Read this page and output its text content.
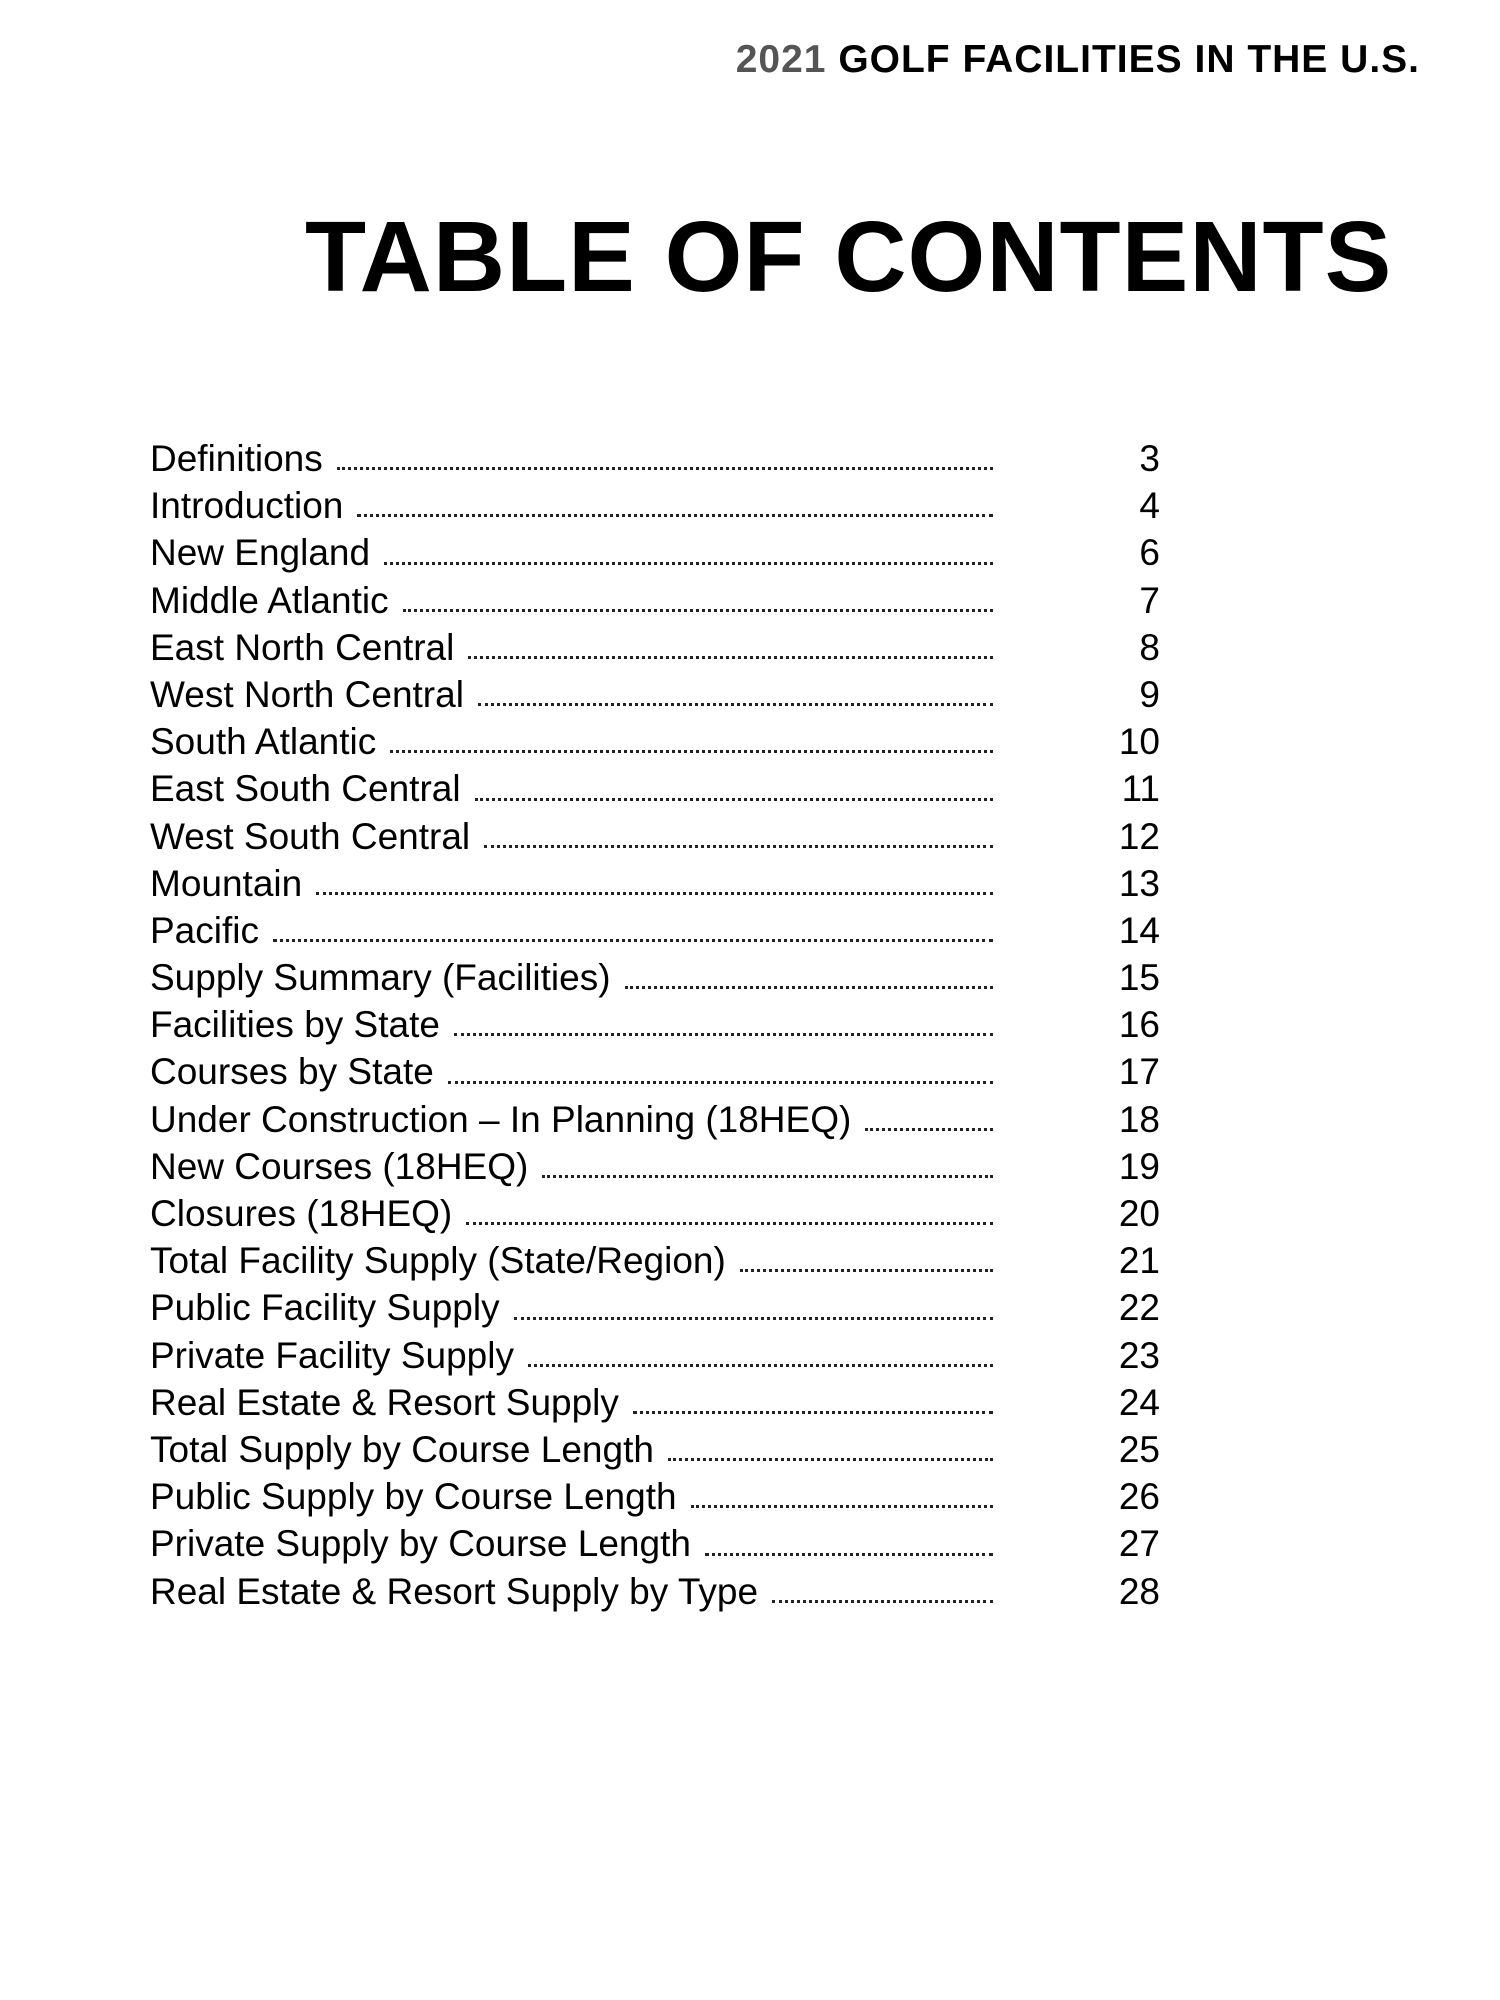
2021 GOLF FACILITIES IN THE U.S.
TABLE OF CONTENTS
Definitions	3
Introduction	4
New England	6
Middle Atlantic	7
East North Central	8
West North Central	9
South Atlantic	10
East South Central	11
West South Central	12
Mountain	13
Pacific	14
Supply Summary (Facilities)	15
Facilities by State	16
Courses by State	17
Under Construction – In Planning (18HEQ)	18
New Courses (18HEQ)	19
Closures (18HEQ)	20
Total Facility Supply (State/Region)	21
Public Facility Supply	22
Private Facility Supply	23
Real Estate & Resort Supply	24
Total Supply by Course Length	25
Public Supply by Course Length	26
Private Supply by Course Length	27
Real Estate & Resort Supply by Type	28
